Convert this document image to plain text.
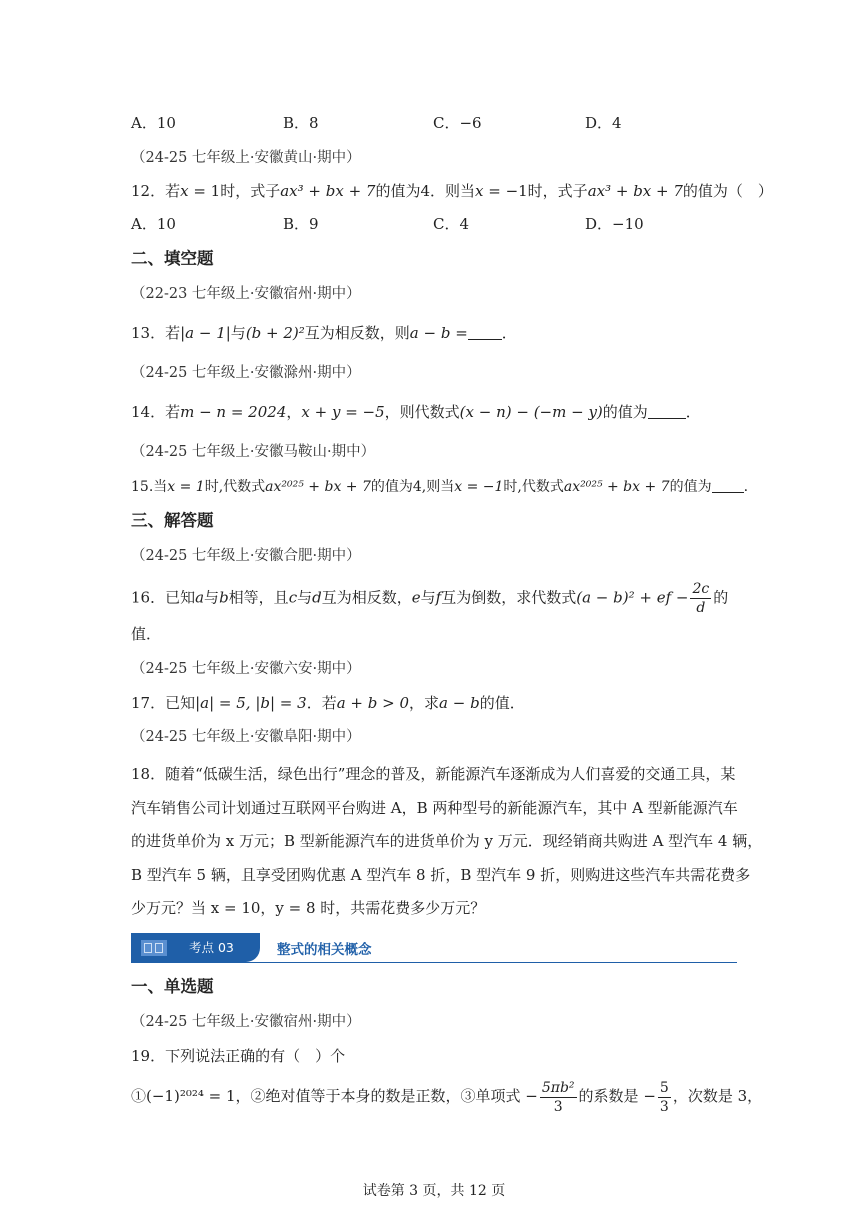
A．10	B．8	C．−6	D．4
（24-25 七年级上·安徽黄山·期中）
12．若x = 1时，式子ax³ + bx + 7的值为4．则当x = −1时，式子ax³ + bx + 7的值为（　）
A．10	B．9	C．4	D．−10
二、填空题
（22-23 七年级上·安徽宿州·期中）
13．若|a − 1|与(b + 2)²互为相反数，则a − b = ．
（24-25 七年级上·安徽滁州·期中）
14．若m − n = 2024，x + y = −5，则代数式(x − n) − (−m − y)的值为	．
（24-25 七年级上·安徽马鞍山·期中）
15.当x = 1时,代数式ax²⁰²⁵ + bx + 7的值为4,则当x = −1时,代数式ax²⁰²⁵ + bx + 7的值为 .
三、解答题
（24-25 七年级上·安徽合肥·期中）
16．已知a与b相等，且c与d互为相反数，e与f互为倒数，求代数式(a − b)² + ef − $\frac{2c}{d}$ 的
值．
（24-25 七年级上·安徽六安·期中）
17．已知|a| = 5, |b| = 3．若a + b > 0，求a − b的值．
（24-25 七年级上·安徽阜阳·期中）
18．随着“低碳生活，绿色出行”理念的普及，新能源汽车逐渐成为人们喜爱的交通工具，某
汽车销售公司计划通过互联网平台购进 A，B 两种型号的新能源汽车，其中 A 型新能源汽车
的进货单价为 x 万元；B 型新能源汽车的进货单价为 y 万元．现经销商共购进 A 型汽车 4 辆，
B 型汽车 5 辆，且享受团购优惠 A 型汽车 8 折，B 型汽车 9 折，则购进这些汽车共需花费多
少万元？当 x = 10，y = 8 时，共需花费多少万元？
考点 03	整式的相关概念
一、单选题
（24-25 七年级上·安徽宿州·期中）
19．下列说法正确的有（　）个
①(−1)²⁰²⁴ = 1，②绝对值等于本身的数是正数，③单项式 − $\frac{\text{5πb²}}{3}$ 的系数是 − $\frac{5}{3}$ ，次数是 3，
试卷第 3 页，共 12 页
